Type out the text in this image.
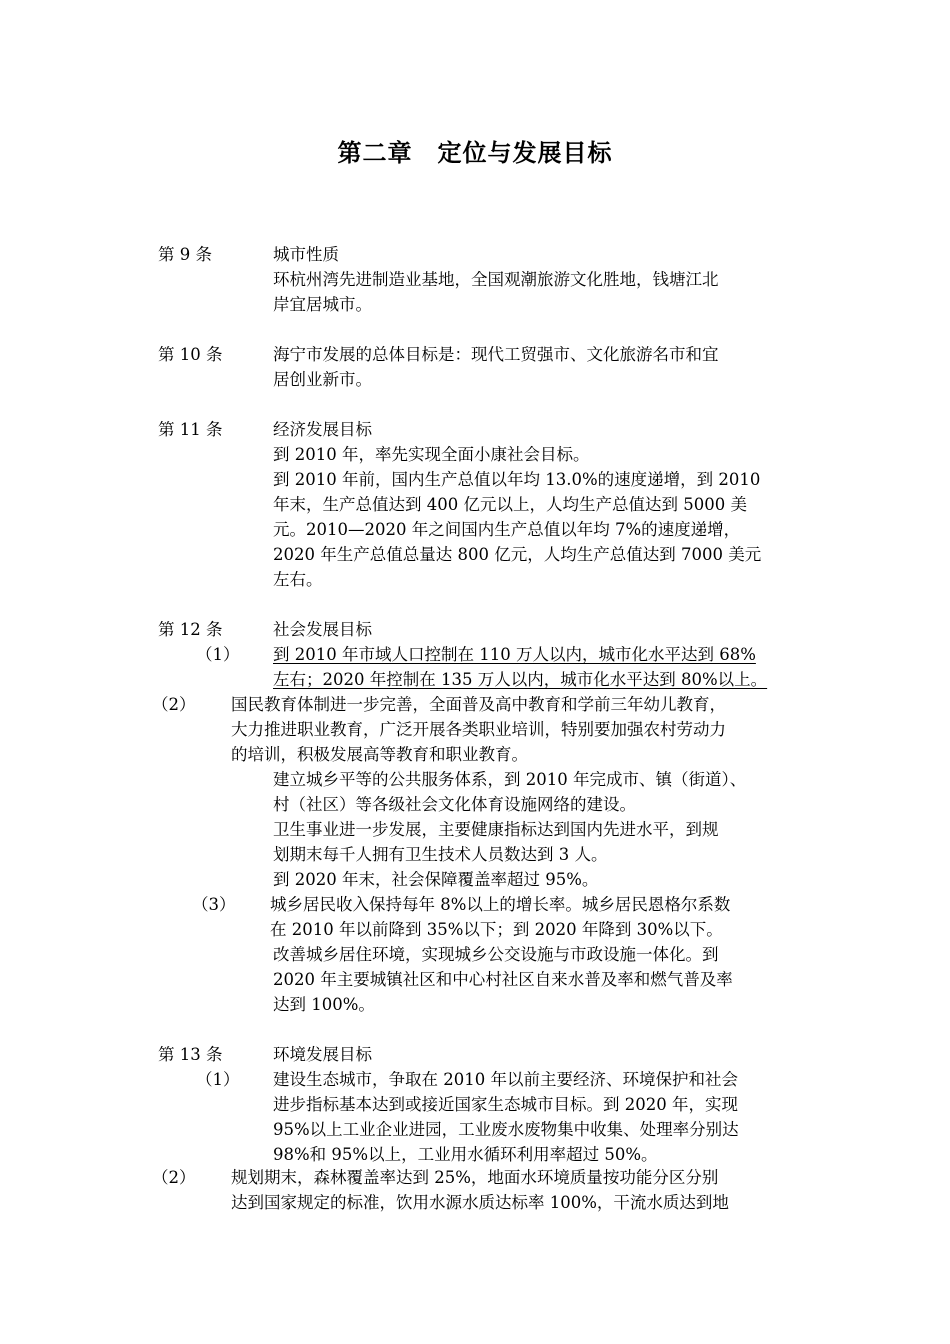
第二章　定位与发展目标
第 9 条	城市性质
环杭州湾先进制造业基地，全国观潮旅游文化胜地，钱塘江北
岸宜居城市。
第 10 条	海宁市发展的总体目标是：现代工贸强市、文化旅游名市和宜
居创业新市。
第 11 条	经济发展目标
到 2010 年，率先实现全面小康社会目标。
到 2010 年前，国内生产总值以年均 13.0%的速度递增，到 2010
年末，生产总值达到 400 亿元以上，人均生产总值达到 5000 美
元。2010—2020 年之间国内生产总值以年均 7%的速度递增，
2020 年生产总值总量达 800 亿元，人均生产总值达到 7000 美元
左右。
第 12 条	社会发展目标
（1） 到 2010 年市域人口控制在 110 万人以内，城市化水平达到 68%
左右；2020 年控制在 135 万人以内，城市化水平达到 80%以上。
（2） 国民教育体制进一步完善，全面普及高中教育和学前三年幼儿教育，
大力推进职业教育，广泛开展各类职业培训，特别要加强农村劳动力
的培训，积极发展高等教育和职业教育。
建立城乡平等的公共服务体系，到 2010 年完成市、镇（街道）、
村（社区）等各级社会文化体育设施网络的建设。
卫生事业进一步发展，主要健康指标达到国内先进水平，到规
划期末每千人拥有卫生技术人员数达到 3 人。
到 2020 年末，社会保障覆盖率超过 95%。
（3） 城乡居民收入保持每年 8%以上的增长率。城乡居民恩格尔系数
在 2010 年以前降到 35%以下；到 2020 年降到 30%以下。
改善城乡居住环境，实现城乡公交设施与市政设施一体化。到
2020 年主要城镇社区和中心村社区自来水普及率和燃气普及率
达到 100%。
第 13 条	环境发展目标
（1） 建设生态城市，争取在 2010 年以前主要经济、环境保护和社会
进步指标基本达到或接近国家生态城市目标。到 2020 年，实现
95%以上工业企业进园，工业废水废物集中收集、处理率分别达
98%和 95%以上，工业用水循环利用率超过 50%。
（2） 规划期末，森林覆盖率达到 25%，地面水环境质量按功能分区分别
达到国家规定的标准，饮用水源水质达标率 100%，干流水质达到地
